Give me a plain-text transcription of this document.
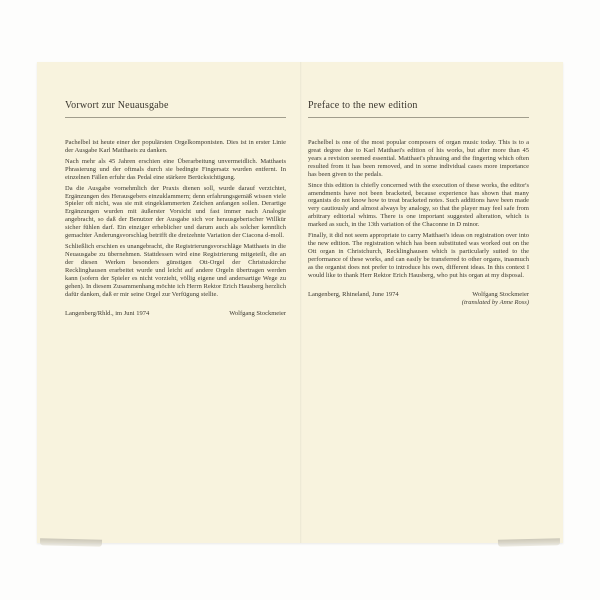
Vorwort zur Neuausgabe

Pachelbel ist heute einer der populärsten Orgelkomponisten. Dies ist in erster Linie der Ausgabe Karl Matthaeis zu danken.

Nach mehr als 45 Jahren erschien eine Überarbeitung unvermeidlich. Matthaeis Phrasierung und der oftmals durch sie bedingte Fingersatz wurden entfernt. In einzelnen Fällen erfuhr das Pedal eine stärkere Berücksichtigung.

Da die Ausgabe vornehmlich der Praxis dienen soll, wurde darauf verzichtet, Ergänzungen des Herausgebers einzuklammern; denn erfahrungsgemäß wissen viele Spieler oft nicht, was sie mit eingeklammerten Zeichen anfangen sollen. Derartige Ergänzungen wurden mit äußerster Vorsicht und fast immer nach Analogie angebracht, so daß der Benutzer der Ausgabe sich vor herausgeberischer Willkür sicher fühlen darf. Ein einziger erheblicher und darum auch als solcher kenntlich gemachter Änderungsvorschlag betrifft die dreizehnte Variation der Ciacona d-moll.

Schließlich erschien es unangebracht, die Registrierungsvorschläge Matthaeis in die Neuausgabe zu übernehmen. Stattdessen wird eine Registrierung mitgeteilt, die an der diesen Werken besonders günstigen Ott-Orgel der Christuskirche Recklinghausen erarbeitet wurde und leicht auf andere Orgeln übertragen werden kann (sofern der Spieler es nicht vorzieht, völlig eigene und andersartige Wege zu gehen). In diesem Zusammenhang möchte ich Herrn Rektor Erich Hausberg herzlich dafür danken, daß er mir seine Orgel zur Verfügung stellte.

Langenberg/Rhld., im Juni 1974	Wolfgang Stockmeier
Preface to the new edition

Pachelbel is one of the most popular composers of organ music today. This is to a great degree due to Karl Matthaei's edition of his works, but after more than 45 years a revision seemed essential. Matthaei's phrasing and the fingering which often resulted from it has been removed, and in some individual cases more importance has been given to the pedals.

Since this edition is chiefly concerned with the execution of these works, the editor's amendments have not been bracketed, because experience has shown that many organists do not know how to treat bracketed notes. Such additions have been made very cautiously and almost always by analogy, so that the player may feel safe from arbitrary editorial whims. There is one important suggested alteration, which is marked as such, in the 13th variation of the Chaconne in D minor.

Finally, it did not seem appropriate to carry Matthaei's ideas on registration over into the new edition. The registration which has been substituted was worked out on the Ott organ in Christchurch, Recklinghausen which is particularly suited to the performance of these works, and can easily be transferred to other organs, inasmuch as the organist does not prefer to introduce his own, different ideas. In this context I would like to thank Herr Rektor Erich Hausberg, who put his organ at my disposal.

Langenberg, Rhineland, June 1974	Wolfgang Stockmeier
(translated by Anne Ross)
